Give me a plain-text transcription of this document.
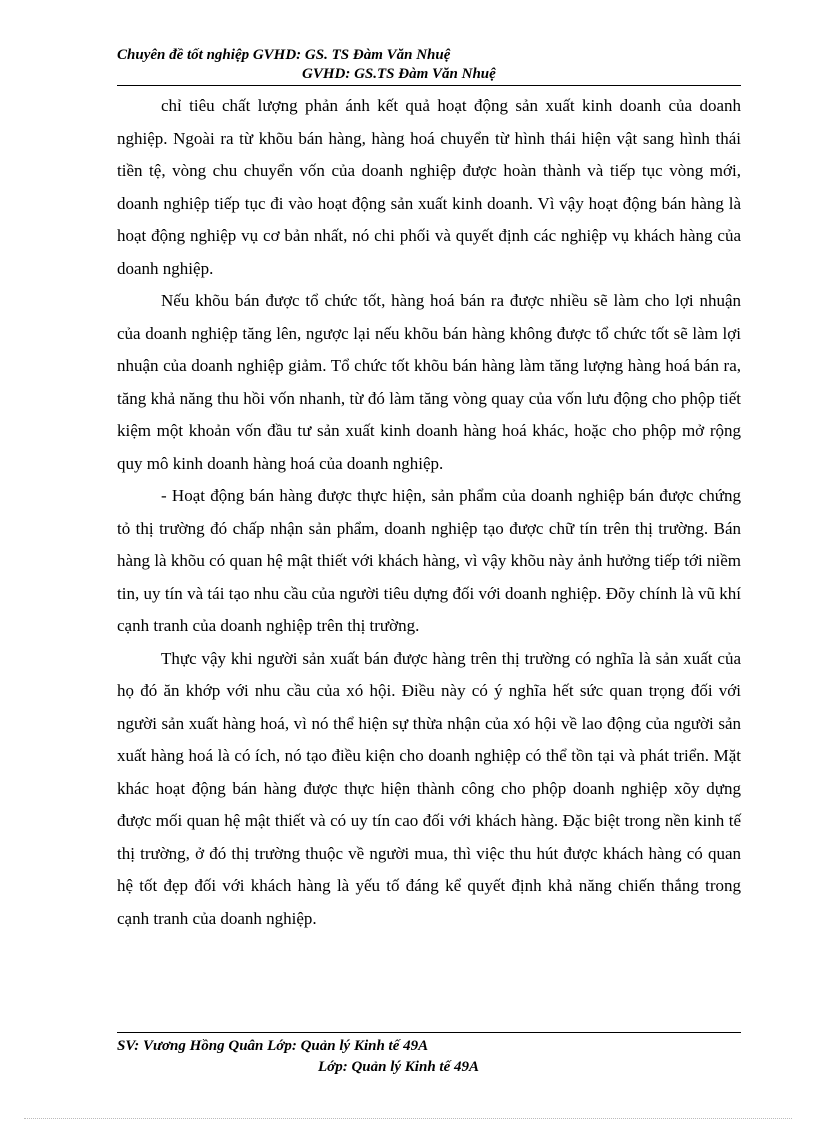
Chuyên đề tốt nghiệp GVHD: GS. TS Đàm Văn Nhuệ
GVHD: GS.TS Đàm Văn Nhuệ

chỉ tiêu chất lượng phản ánh kết quả hoạt động sản xuất kinh doanh của doanh nghiệp. Ngoài ra từ khõu bán hàng, hàng hoá chuyển từ hình thái hiện vật sang hình thái tiền tệ, vòng chu chuyển vốn của doanh nghiệp được hoàn thành và tiếp tục vòng mới, doanh nghiệp tiếp tục đi vào hoạt động sản xuất kinh doanh. Vì vậy hoạt động bán hàng là hoạt động nghiệp vụ cơ bản nhất, nó chi phối và quyết định các nghiệp vụ khách hàng của doanh nghiệp.

Nếu khõu bán được tổ chức tốt, hàng hoá bán ra được nhiều sẽ làm cho lợi nhuận của doanh nghiệp tăng lên, ngược lại nếu khõu bán hàng không được tổ chức tốt sẽ làm lợi nhuận của doanh nghiệp giảm. Tổ chức tốt khõu bán hàng làm tăng lượng hàng hoá bán ra, tăng khả năng thu hồi vốn nhanh, từ đó làm tăng vòng quay của vốn lưu động cho phộp tiết kiệm một khoản vốn đầu tư sản xuất kinh doanh hàng hoá khác, hoặc cho phộp mở rộng quy mô kinh doanh hàng hoá của doanh nghiệp.

- Hoạt động bán hàng được thực hiện, sản phẩm của doanh nghiệp bán được chứng tỏ thị trường đó chấp nhận sản phẩm, doanh nghiệp tạo được chữ tín trên thị trường. Bán hàng là khõu có quan hệ mật thiết với khách hàng, vì vậy khõu này ảnh hưởng tiếp tới niềm tin, uy tín và tái tạo nhu cầu của người tiêu dựng đối với doanh nghiệp. Đõy chính là vũ khí cạnh tranh của doanh nghiệp trên thị trường.

Thực vậy khi người sản xuất bán được hàng trên thị trường có nghĩa là sản xuất của họ đó ăn khớp với nhu cầu của xó hội. Điều này có ý nghĩa hết sức quan trọng đối với người sản xuất hàng hoá, vì nó thể hiện sự thừa nhận của xó hội về lao động của người sản xuất hàng hoá là có ích, nó tạo điều kiện cho doanh nghiệp có thể tồn tại và phát triển. Mặt khác hoạt động bán hàng được thực hiện thành công cho phộp doanh nghiệp xõy dựng được mối quan hệ mật thiết và có uy tín cao đối với khách hàng. Đặc biệt trong nền kinh tế thị trường, ở đó thị trường thuộc về người mua, thì việc thu hút được khách hàng có quan hệ tốt đẹp đối với khách hàng là yếu tố đáng kể quyết định khả năng chiến thắng trong cạnh tranh của doanh nghiệp.

SV: Vương Hồng Quân Lớp: Quản lý Kinh tế 49A
Lớp: Quản lý Kinh tế 49A
